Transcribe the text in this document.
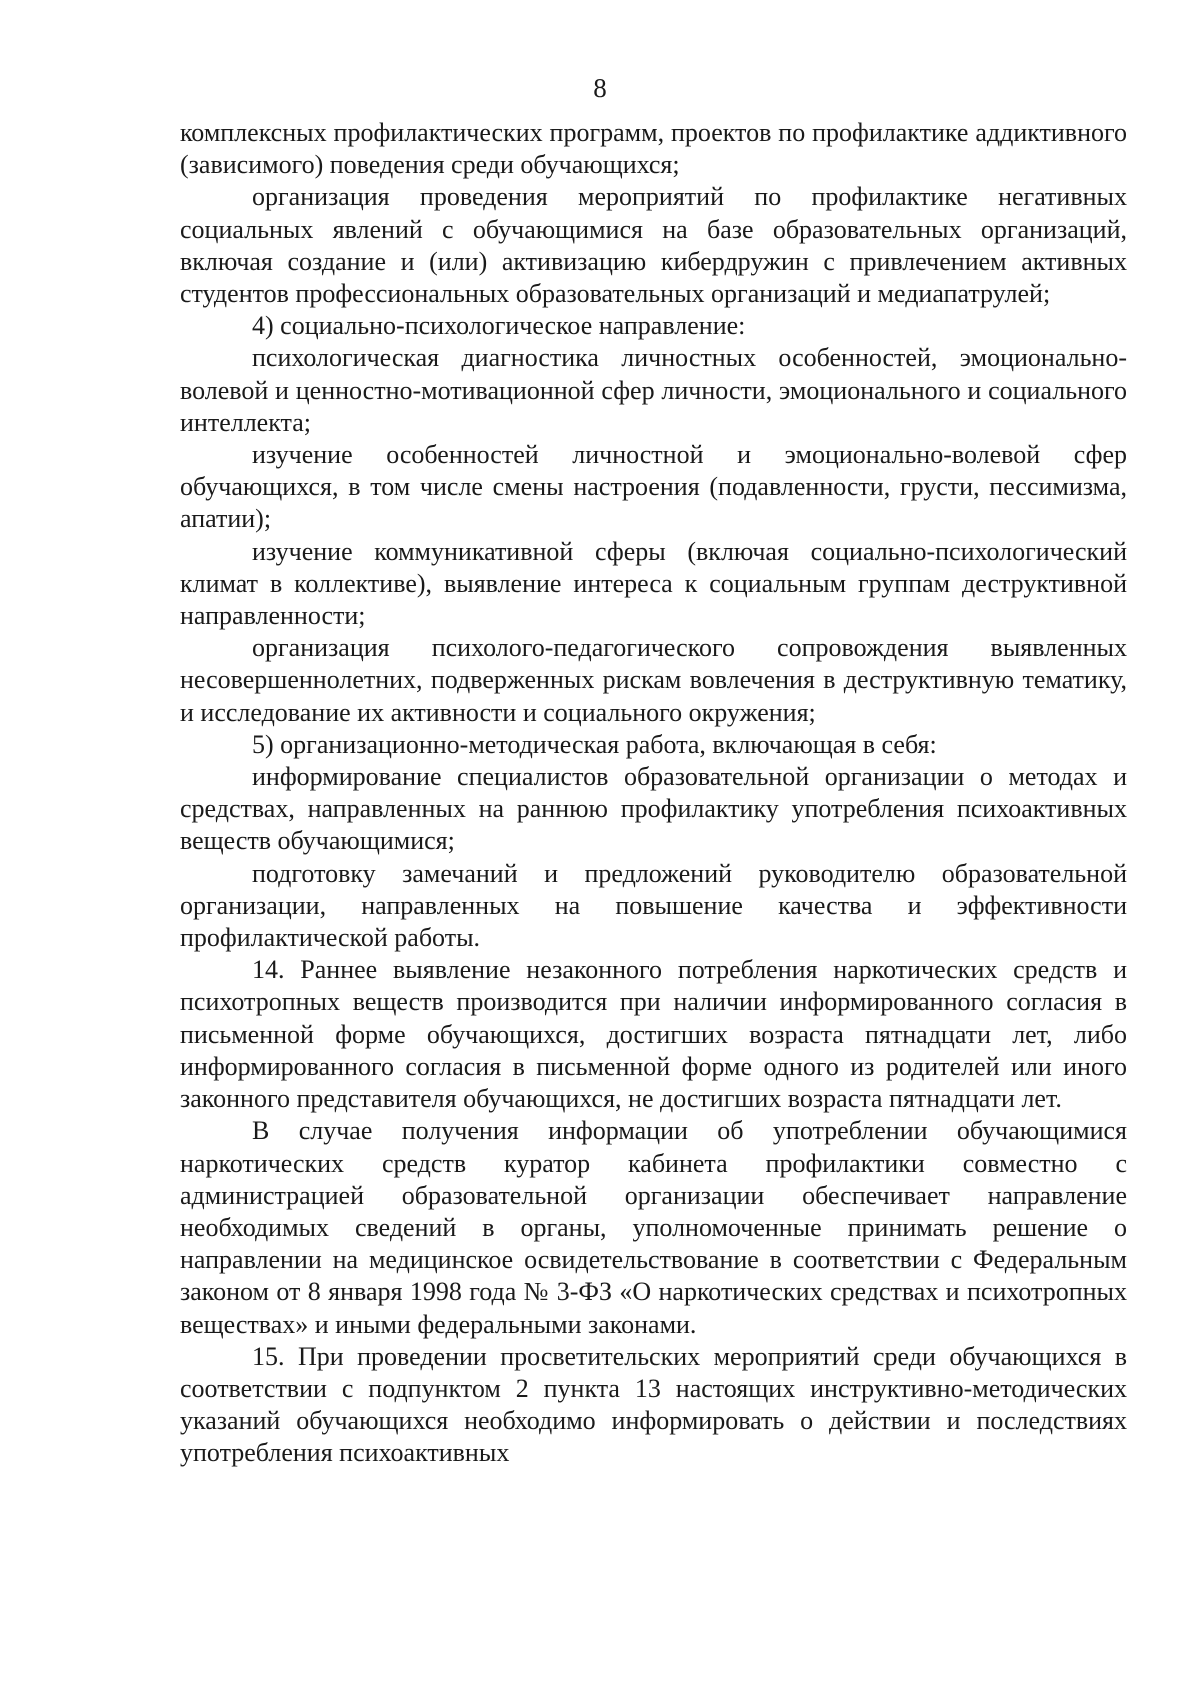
8

комплексных профилактических программ, проектов по профилактике аддиктивного (зависимого) поведения среди обучающихся;

организация проведения мероприятий по профилактике негативных социальных явлений с обучающимися на базе образовательных организаций, включая создание и (или) активизацию кибердружин с привлечением активных студентов профессиональных образовательных организаций и медиапатрулей;

4) социально-психологическое направление:

психологическая диагностика личностных особенностей, эмоционально-волевой и ценностно-мотивационной сфер личности, эмоционального и социального интеллекта;

изучение особенностей личностной и эмоционально-волевой сфер обучающихся, в том числе смены настроения (подавленности, грусти, пессимизма, апатии);

изучение коммуникативной сферы (включая социально-психологический климат в коллективе), выявление интереса к социальным группам деструктивной направленности;

организация психолого-педагогического сопровождения выявленных несовершеннолетних, подверженных рискам вовлечения в деструктивную тематику, и исследование их активности и социального окружения;

5) организационно-методическая работа, включающая в себя:

информирование специалистов образовательной организации о методах и средствах, направленных на раннюю профилактику употребления психоактивных веществ обучающимися;

подготовку замечаний и предложений руководителю образовательной организации, направленных на повышение качества и эффективности профилактической работы.

14. Раннее выявление незаконного потребления наркотических средств и психотропных веществ производится при наличии информированного согласия в письменной форме обучающихся, достигших возраста пятнадцати лет, либо информированного согласия в письменной форме одного из родителей или иного законного представителя обучающихся, не достигших возраста пятнадцати лет.

В случае получения информации об употреблении обучающимися наркотических средств куратор кабинета профилактики совместно с администрацией образовательной организации обеспечивает направление необходимых сведений в органы, уполномоченные принимать решение о направлении на медицинское освидетельствование в соответствии с Федеральным законом от 8 января 1998 года № 3-ФЗ «О наркотических средствах и психотропных веществах» и иными федеральными законами.

15. При проведении просветительских мероприятий среди обучающихся в соответствии с подпунктом 2 пункта 13 настоящих инструктивно-методических указаний обучающихся необходимо информировать о действии и последствиях употребления психоактивных
